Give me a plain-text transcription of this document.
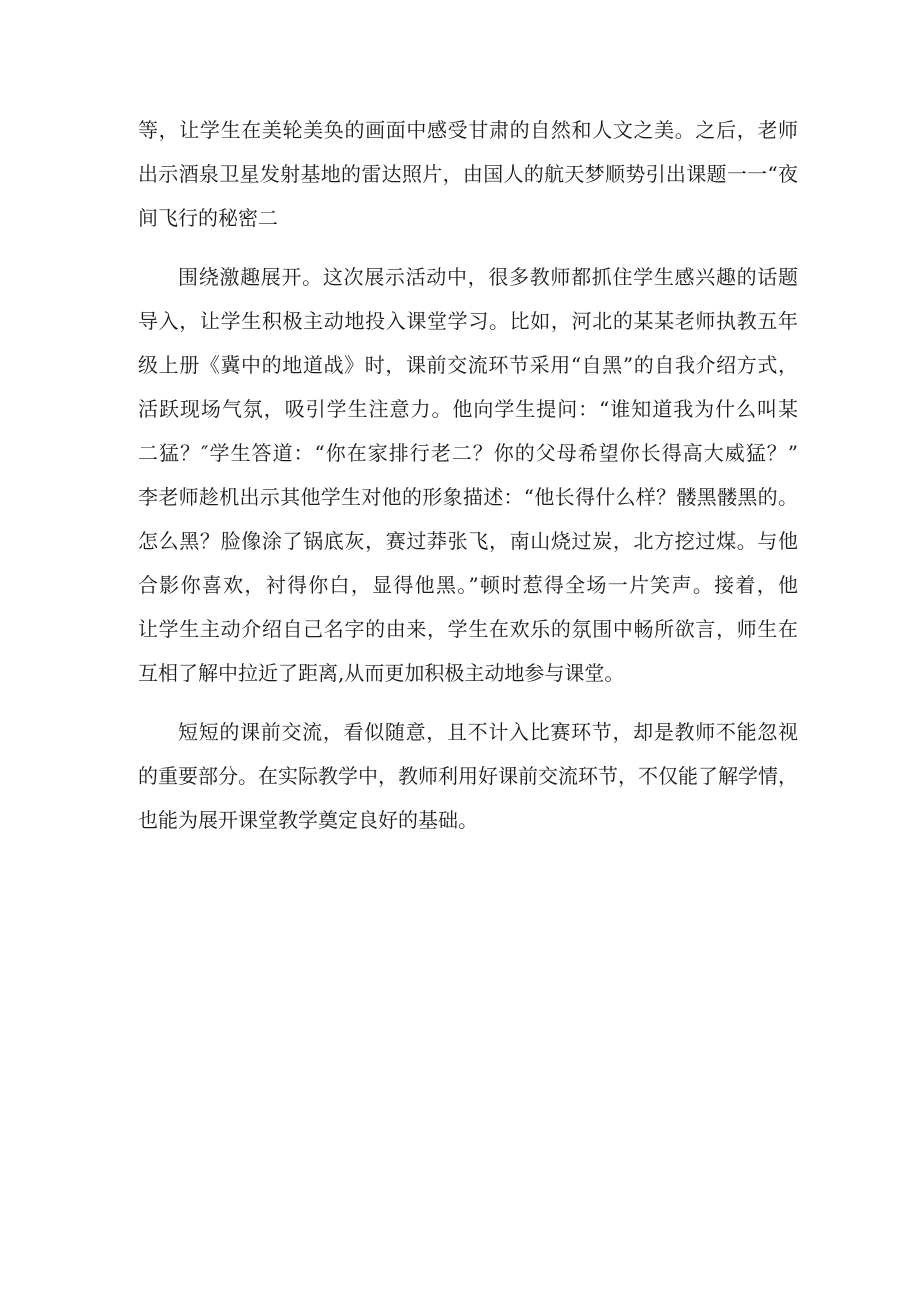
等，让学生在美轮美奂的画面中感受甘肃的自然和人文之美。之后，老师
出示酒泉卫星发射基地的雷达照片，由国人的航天梦顺势引出课题一一“夜
间飞行的秘密二
围绕激趣展开。这次展示活动中，很多教师都抓住学生感兴趣的话题
导入，让学生积极主动地投入课堂学习。比如，河北的某某老师执教五年
级上册《冀中的地道战》时，课前交流环节采用“自黑”的自我介绍方式，
活跃现场气氛，吸引学生注意力。他向学生提问：“谁知道我为什么叫某
二猛？″学生答道：“你在家排行老二？你的父母希望你长得高大威猛？”
李老师趁机出示其他学生对他的形象描述：“他长得什么样？髅黑髅黑的。
怎么黑？脸像涂了锅底灰，赛过莽张飞，南山烧过炭，北方挖过煤。与他
合影你喜欢，衬得你白，显得他黑。”顿时惹得全场一片笑声。接着，他
让学生主动介绍自己名字的由来，学生在欢乐的氛围中畅所欲言，师生在
互相了解中拉近了距离,从而更加积极主动地参与课堂。
短短的课前交流，看似随意，且不计入比赛环节，却是教师不能忽视
的重要部分。在实际教学中，教师利用好课前交流环节，不仅能了解学情，
也能为展开课堂教学奠定良好的基础。
